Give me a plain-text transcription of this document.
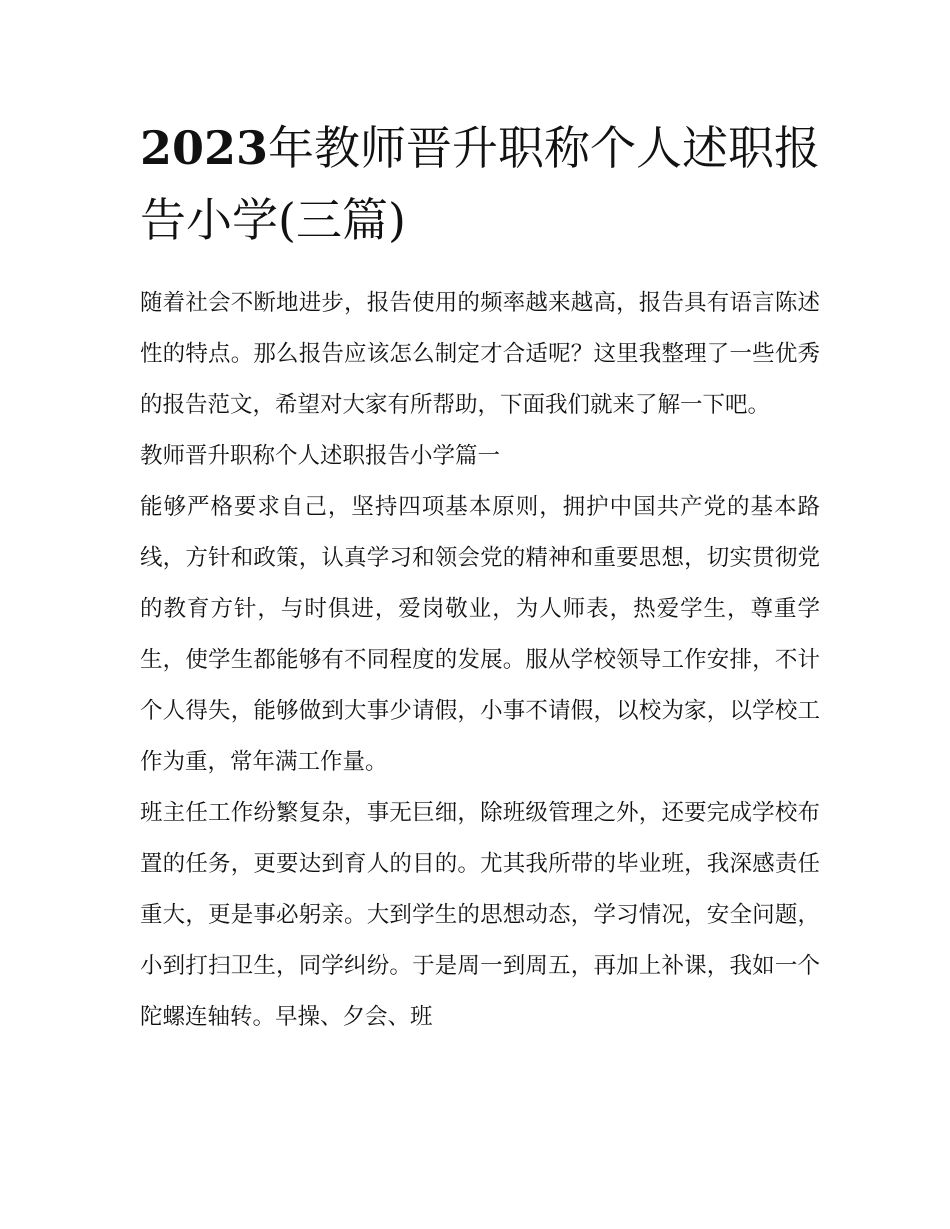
2023年教师晋升职称个人述职报告小学(三篇)

随着社会不断地进步，报告使用的频率越来越高，报告具有语言陈述性的特点。那么报告应该怎么制定才合适呢？这里我整理了一些优秀的报告范文，希望对大家有所帮助，下面我们就来了解一下吧。

教师晋升职称个人述职报告小学篇一

能够严格要求自己，坚持四项基本原则，拥护中国共产党的基本路线，方针和政策，认真学习和领会党的精神和重要思想，切实贯彻党的教育方针，与时俱进，爱岗敬业，为人师表，热爱学生，尊重学生，使学生都能够有不同程度的发展。服从学校领导工作安排，不计个人得失，能够做到大事少请假，小事不请假，以校为家，以学校工作为重，常年满工作量。

班主任工作纷繁复杂，事无巨细，除班级管理之外，还要完成学校布置的任务，更要达到育人的目的。尤其我所带的毕业班，我深感责任重大，更是事必躬亲。大到学生的思想动态，学习情况，安全问题，小到打扫卫生，同学纠纷。于是周一到周五，再加上补课，我如一个陀螺连轴转。早操、夕会、班
